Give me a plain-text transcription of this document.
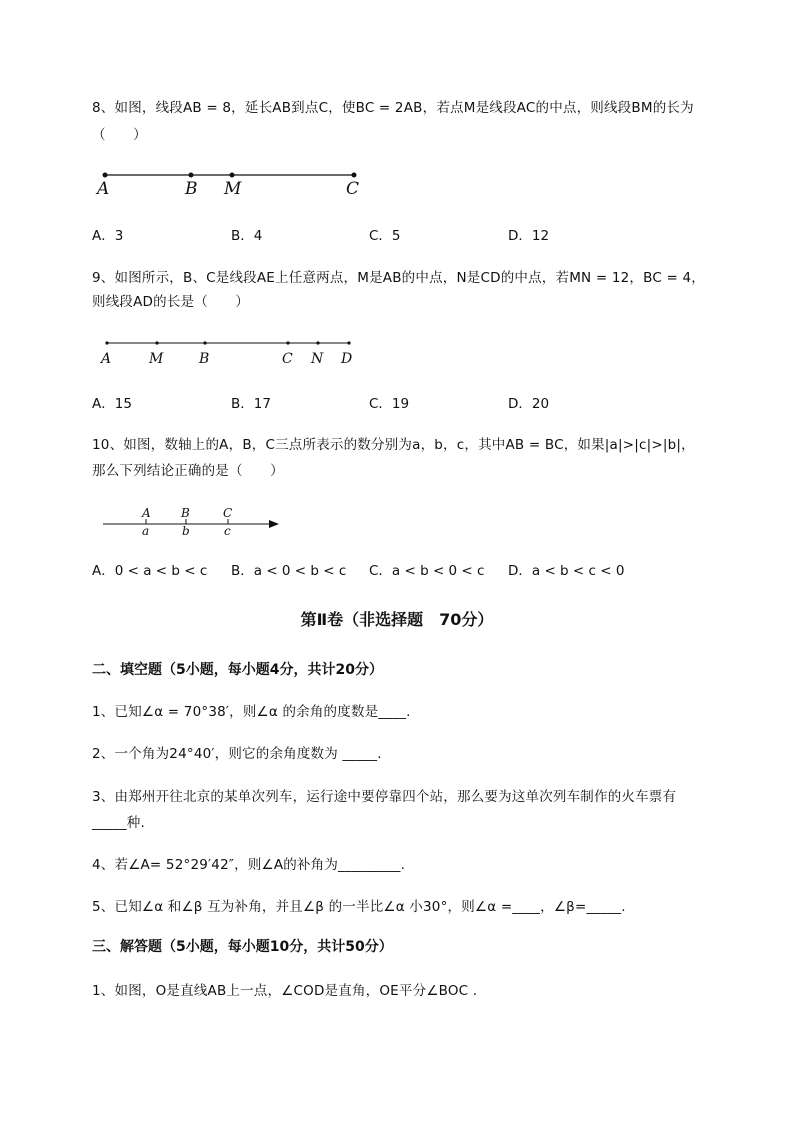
8、如图，线段AB = 8，延长AB到点C，使BC = 2AB，若点M是线段AC的中点，则线段BM的长为
（　　）
A	B M	C
A．3	B．4	C．5	D．12
9、如图所示，B、C是线段AE上任意两点，M是AB的中点，N是CD的中点，若MN = 12，BC = 4，
则线段AD的长是（　　）
A	M	B	C N D
A．15	B．17	C．19	D．20
10、如图，数轴上的A，B，C三点所表示的数分别为a，b，c，其中AB = BC，如果|a|>|c|>|b|，
那么下列结论正确的是（　　）
A	B	C
a	b	c
A．0 < a < b < c B．a < 0 < b < c C．a < b < 0 < c D．a < b < c < 0
第Ⅱ卷（非选择题　70分）
二、填空题（5小题，每小题4分，共计20分）
1、已知∠α = 70°38′，则∠α 的余角的度数是____.
2、一个角为24°40′，则它的余角度数为 _____.
3、由郑州开往北京的某单次列车，运行途中要停靠四个站，那么要为这单次列车制作的火车票有
_____种.
4、若∠A= 52°29′42″，则∠A的补角为_________.
5、已知∠α 和∠β 互为补角，并且∠β 的一半比∠α 小30°，则∠α =____，∠β=_____.
三、解答题（5小题，每小题10分，共计50分）
1、如图，O是直线AB上一点，∠COD是直角，OE平分∠BOC .
